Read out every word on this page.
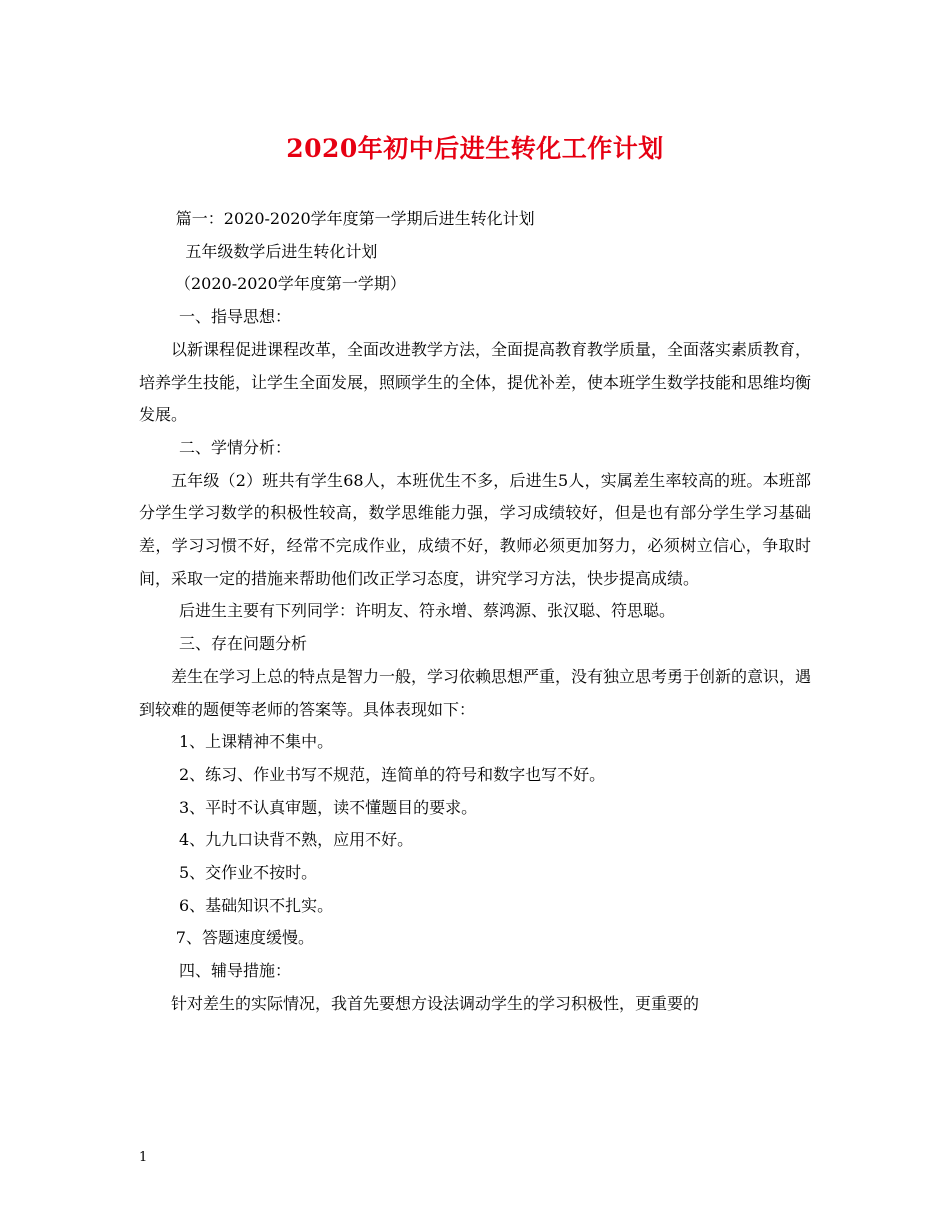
2020年初中后进生转化工作计划
篇一：2020-2020学年度第一学期后进生转化计划
五年级数学后进生转化计划
（2020-2020学年度第一学期）
一、指导思想：
以新课程促进课程改革，全面改进教学方法，全面提高教育教学质量，全面落实素质教育，培养学生技能，让学生全面发展，照顾学生的全体，提优补差，使本班学生数学技能和思维均衡发展。
二、学情分析：
五年级（2）班共有学生68人，本班优生不多，后进生5人，实属差生率较高的班。本班部分学生学习数学的积极性较高，数学思维能力强，学习成绩较好，但是也有部分学生学习基础差，学习习惯不好，经常不完成作业，成绩不好，教师必须更加努力，必须树立信心，争取时间，采取一定的措施来帮助他们改正学习态度，讲究学习方法，快步提高成绩。
后进生主要有下列同学：许明友、符永增、蔡鸿源、张汉聪、符思聪。
三、存在问题分析
差生在学习上总的特点是智力一般，学习依赖思想严重，没有独立思考勇于创新的意识，遇到较难的题便等老师的答案等。具体表现如下：
1、上课精神不集中。
2、练习、作业书写不规范，连简单的符号和数字也写不好。
3、平时不认真审题，读不懂题目的要求。
4、九九口诀背不熟，应用不好。
5、交作业不按时。
6、基础知识不扎实。
7、答题速度缓慢。
四、辅导措施：
针对差生的实际情况，我首先要想方设法调动学生的学习积极性，更重要的
1
